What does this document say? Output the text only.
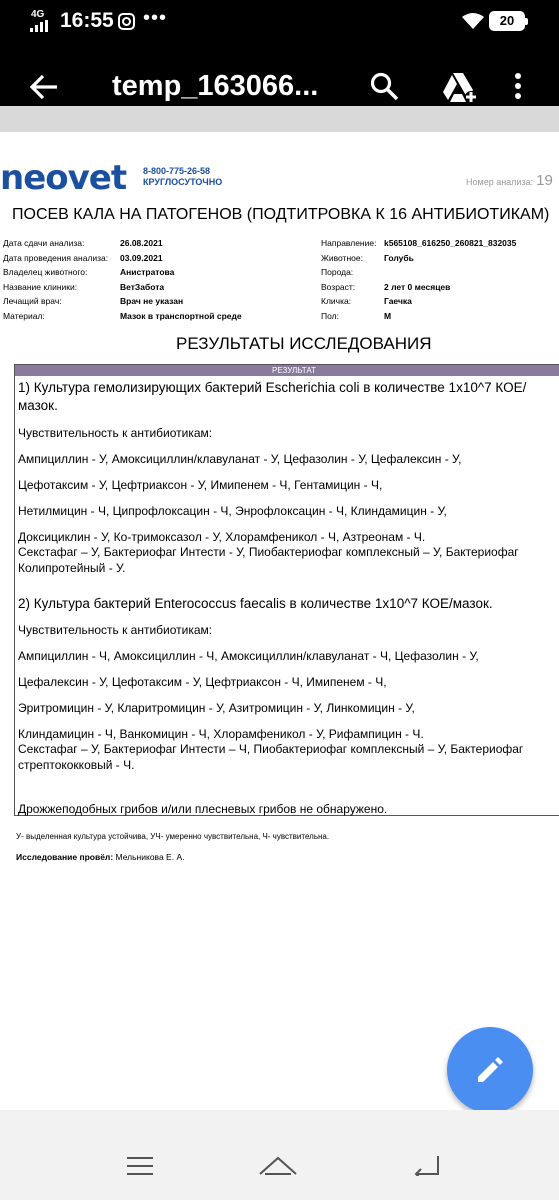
4G 16:55 •••	20
temp_163066...
neovet 8-800-775-26-58
КРУГЛОСУТОЧНО	Номер анализа: 19
ПОСЕВ КАЛА НА ПАТОГЕНОВ (ПОДТИТРОВКА К 16 АНТИБИОТИКАМ)
Дата сдачи анализа:	26.08.2021
Дата проведения анализа: 03.09.2021
Владелец животного:	Анистратова
Название клиники:	ВетЗабота
Лечащий врач:	Врач не указан
Материал:	Мазок в транспортной среде
Направление: k565108_616250_260821_832035
Животное: Голубь
Порода:
Возраст:	2 лет 0 месяцев
Кличка:	Гаечка
Пол:	М
РЕЗУЛЬТАТЫ ИССЛЕДОВАНИЯ
РЕЗУЛЬТАТ

1) Культура гемолизирующих бактерий Escherichia coli в количестве 1x10^7 КОЕ/мазок.

Чувствительность к антибиотикам:

Ампициллин - У, Амоксициллин/клавуланат - У, Цефазолин - У, Цефалексин - У,

Цефотаксим - У, Цефтриаксон - У, Имипенем - Ч, Гентамицин - Ч,

Нетилмицин - Ч, Ципрофлоксацин - Ч, Энрофлоксацин - Ч, Клиндамицин - У,

Доксициклин - У, Ко-тримоксазол - У, Хлорамфеникол - Ч, Азтреонам - Ч.

Секстафаг – У, Бактериофаг Интести - У, Пиобактериофаг комплексный – У, Бактериофаг Колипротейный - У.

2) Культура бактерий Enterococcus faecalis в количестве 1x10^7 КОЕ/мазок.

Чувствительность к антибиотикам:

Ампициллин - Ч, Амоксициллин - Ч, Амоксициллин/клавуланат - Ч, Цефазолин - У,

Цефалексин - У, Цефотаксим - У, Цефтриаксон - Ч, Имипенем - Ч,

Эритромицин - У, Кларитромицин - У, Азитромицин - У, Линкомицин - У,

Клиндамицин - Ч, Ванкомицин - Ч, Хлорамфеникол - У, Рифампицин - Ч.

Секстафаг – У, Бактериофаг Интести – Ч, Пиобактериофаг комплексный – У, Бактериофаг стрептококковый - Ч.

Дрожжеподобных грибов и/или плесневых грибов не обнаружено.

У- выделенная культура устойчива, УЧ- умеренно чувствительна, Ч- чувствительна.
Исследование провёл: Мельникова Е. А.
